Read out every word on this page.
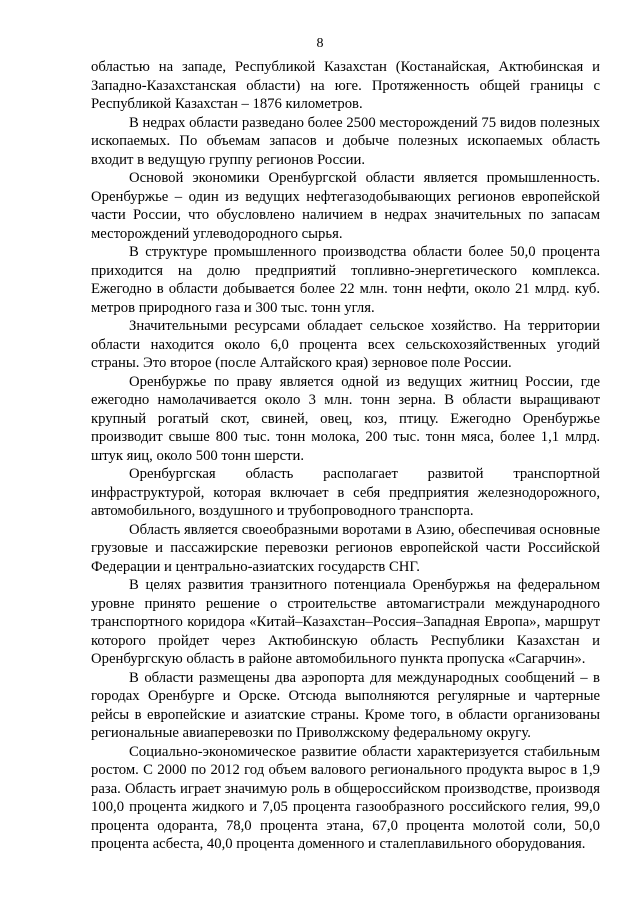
8

областью на западе, Республикой Казахстан (Костанайская, Актюбинская и Западно-Казахстанская области) на юге. Протяженность общей границы с Республикой Казахстан – 1876 километров.

В недрах области разведано более 2500 месторождений 75 видов полезных ископаемых. По объемам запасов и добыче полезных ископаемых область входит в ведущую группу регионов России.

Основой экономики Оренбургской области является промышленность. Оренбуржье – один из ведущих нефтегазодобывающих регионов европейской части России, что обусловлено наличием в недрах значительных по запасам месторождений углеводородного сырья.

В структуре промышленного производства области более 50,0 процента приходится на долю предприятий топливно-энергетического комплекса. Ежегодно в области добывается более 22 млн. тонн нефти, около 21 млрд. куб. метров природного газа и 300 тыс. тонн угля.

Значительными ресурсами обладает сельское хозяйство. На территории области находится около 6,0 процента всех сельскохозяйственных угодий страны. Это второе (после Алтайского края) зерновое поле России.

Оренбуржье по праву является одной из ведущих житниц России, где ежегодно намолачивается около 3 млн. тонн зерна. В области выращивают крупный рогатый скот, свиней, овец, коз, птицу. Ежегодно Оренбуржье производит свыше 800 тыс. тонн молока, 200 тыс. тонн мяса, более 1,1 млрд. штук яиц, около 500 тонн шерсти.

Оренбургская область располагает развитой транспортной инфраструктурой, которая включает в себя предприятия железнодорожного, автомобильного, воздушного и трубопроводного транспорта.

Область является своеобразными воротами в Азию, обеспечивая основные грузовые и пассажирские перевозки регионов европейской части Российской Федерации и центрально-азиатских государств СНГ.

В целях развития транзитного потенциала Оренбуржья на федеральном уровне принято решение о строительстве автомагистрали международного транспортного коридора «Китай–Казахстан–Россия–Западная Европа», маршрут которого пройдет через Актюбинскую область Республики Казахстан и Оренбургскую область в районе автомобильного пункта пропуска «Сагарчин».

В области размещены два аэропорта для международных сообщений – в городах Оренбурге и Орске. Отсюда выполняются регулярные и чартерные рейсы в европейские и азиатские страны. Кроме того, в области организованы региональные авиаперевозки по Приволжскому федеральному округу.

Социально-экономическое развитие области характеризуется стабильным ростом. С 2000 по 2012 год объем валового регионального продукта вырос в 1,9 раза. Область играет значимую роль в общероссийском производстве, производя 100,0 процента жидкого и 7,05 процента газообразного российского гелия, 99,0 процента одоранта, 78,0 процента этана, 67,0 процента молотой соли, 50,0 процента асбеста, 40,0 процента доменного и сталеплавильного оборудования.
